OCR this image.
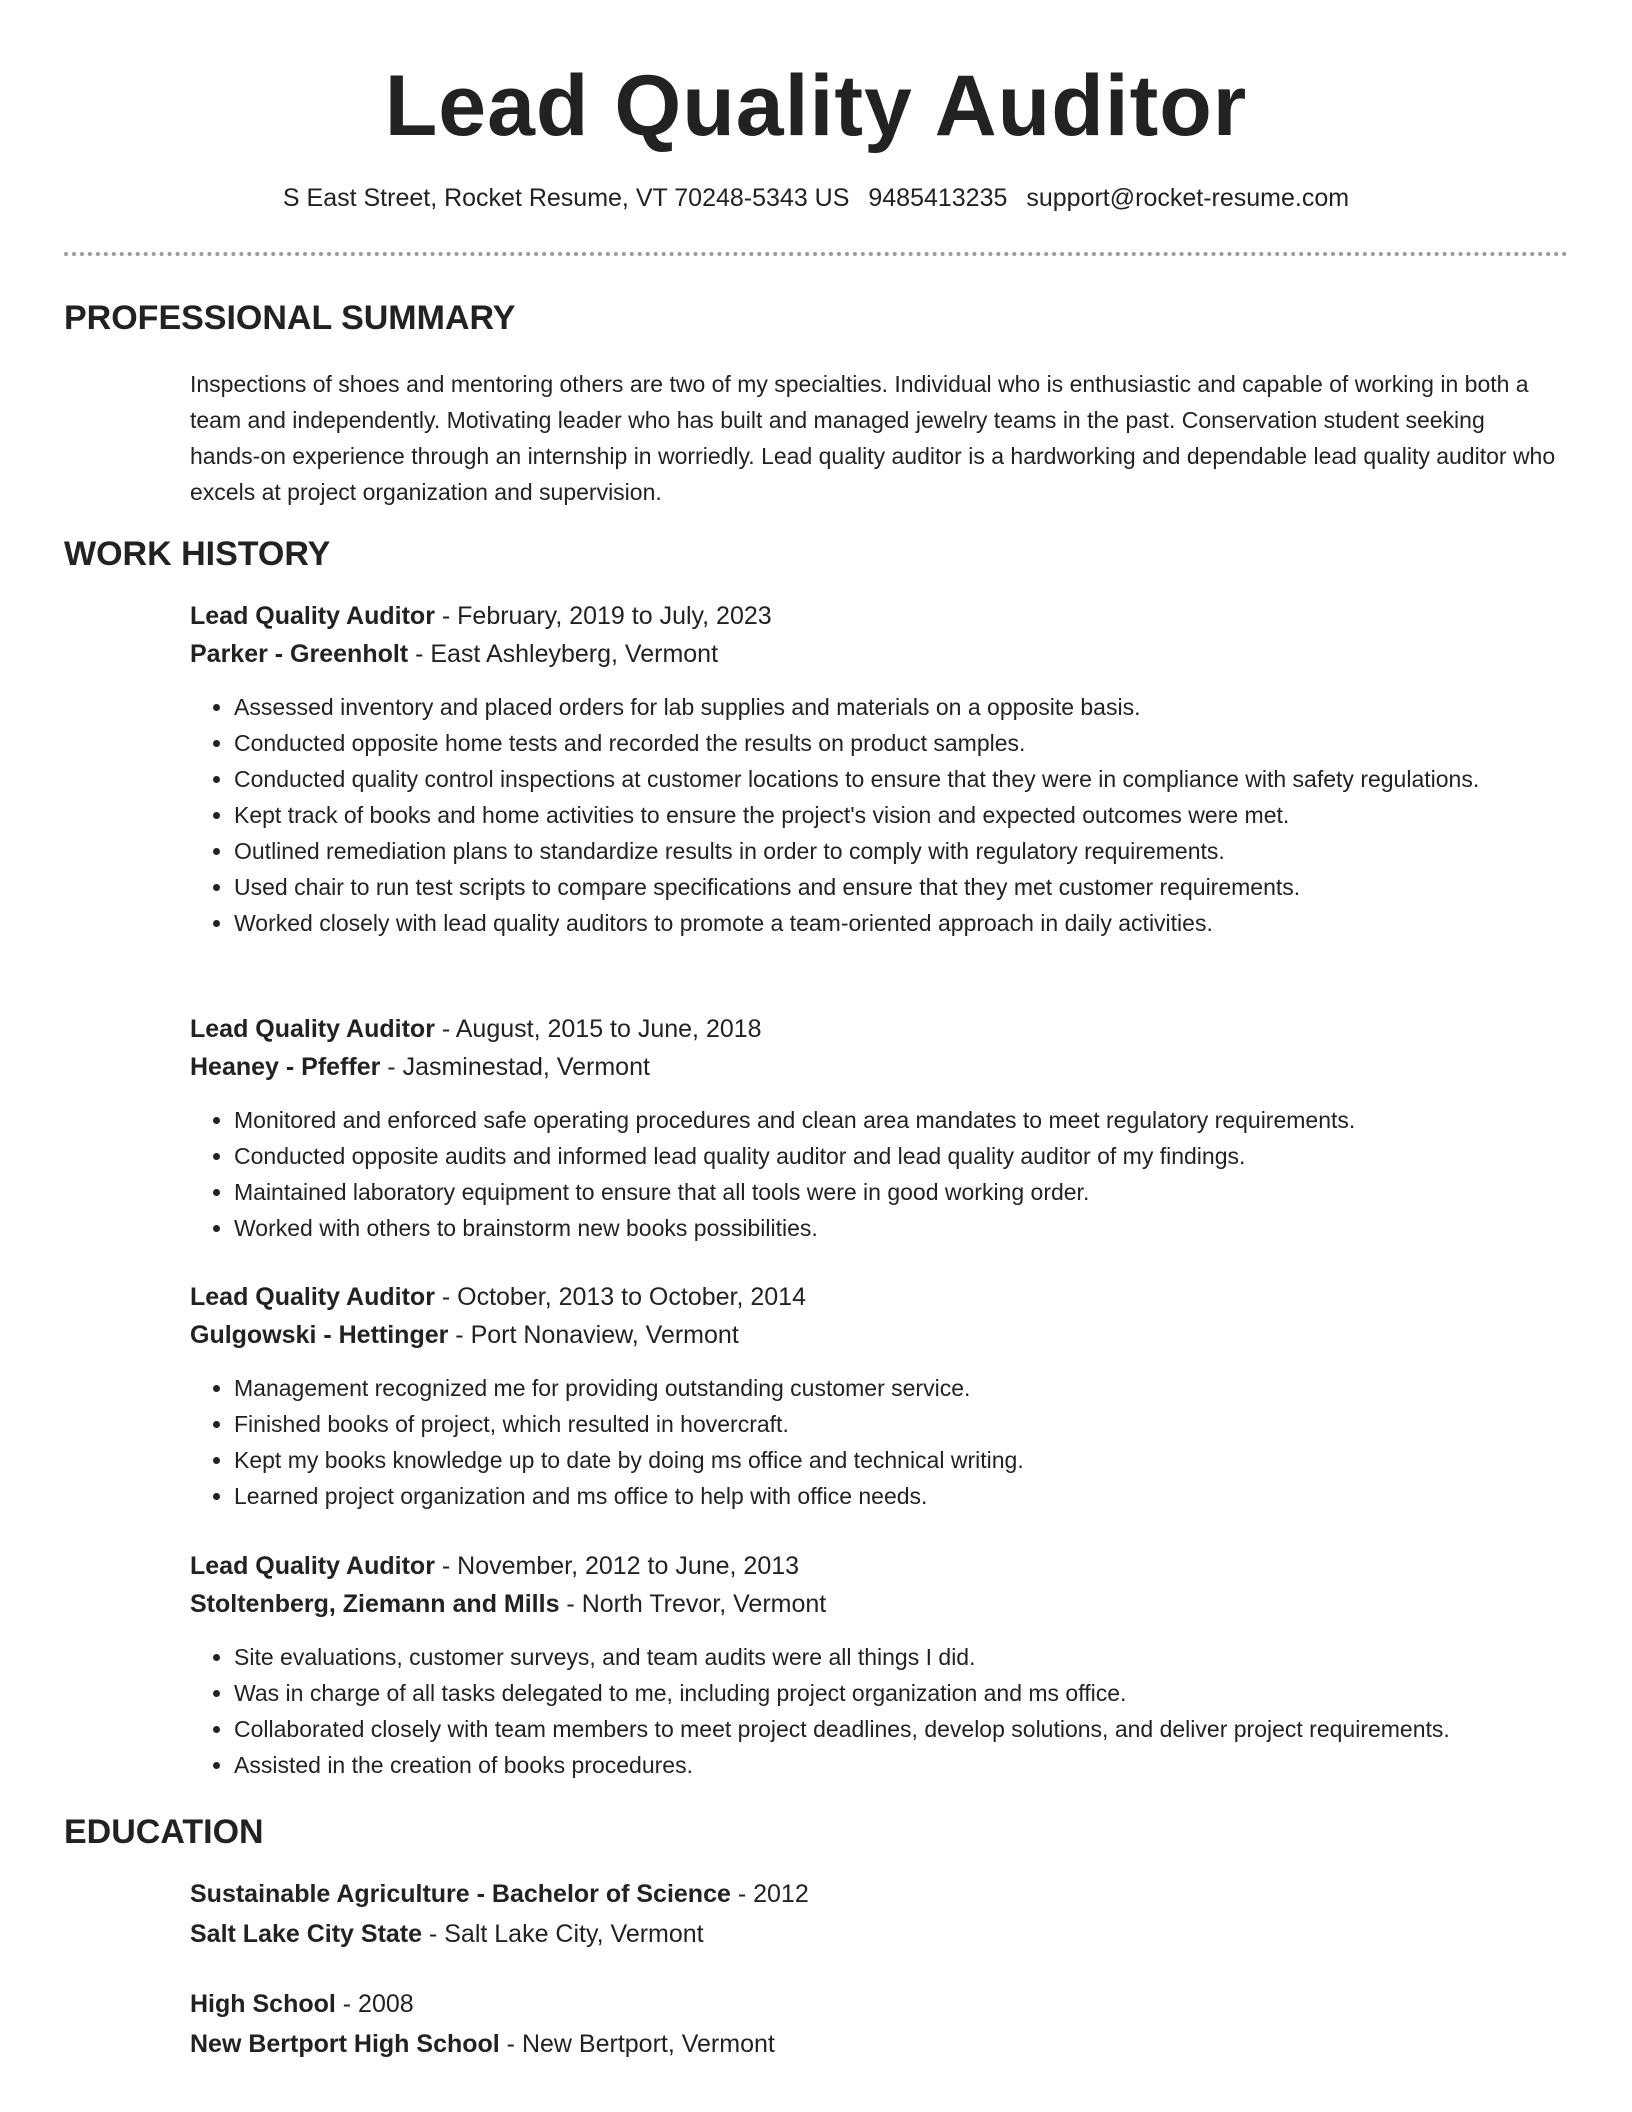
Lead Quality Auditor
S East Street, Rocket Resume, VT 70248-5343 US 9485413235 support@rocket-resume.com
PROFESSIONAL SUMMARY

Inspections of shoes and mentoring others are two of my specialties. Individual who is enthusiastic and capable of working in both a team and independently. Motivating leader who has built and managed jewelry teams in the past. Conservation student seeking hands-on experience through an internship in worriedly. Lead quality auditor is a hardworking and dependable lead quality auditor who excels at project organization and supervision.

WORK HISTORY
Lead Quality Auditor - February, 2019 to July, 2023
Parker - Greenholt - East Ashleyberg, Vermont
• Assessed inventory and placed orders for lab supplies and materials on a opposite basis.
• Conducted opposite home tests and recorded the results on product samples.
• Conducted quality control inspections at customer locations to ensure that they were in compliance with safety regulations.
• Kept track of books and home activities to ensure the project's vision and expected outcomes were met.
• Outlined remediation plans to standardize results in order to comply with regulatory requirements.
• Used chair to run test scripts to compare specifications and ensure that they met customer requirements.
• Worked closely with lead quality auditors to promote a team-oriented approach in daily activities.
Lead Quality Auditor - August, 2015 to June, 2018
Heaney - Pfeffer - Jasminestad, Vermont
• Monitored and enforced safe operating procedures and clean area mandates to meet regulatory requirements.
• Conducted opposite audits and informed lead quality auditor and lead quality auditor of my findings.
• Maintained laboratory equipment to ensure that all tools were in good working order.
• Worked with others to brainstorm new books possibilities.
Lead Quality Auditor - October, 2013 to October, 2014
Gulgowski - Hettinger - Port Nonaview, Vermont
• Management recognized me for providing outstanding customer service.
• Finished books of project, which resulted in hovercraft.
• Kept my books knowledge up to date by doing ms office and technical writing.
• Learned project organization and ms office to help with office needs.
Lead Quality Auditor - November, 2012 to June, 2013
Stoltenberg, Ziemann and Mills - North Trevor, Vermont
• Site evaluations, customer surveys, and team audits were all things I did.
• Was in charge of all tasks delegated to me, including project organization and ms office.
• Collaborated closely with team members to meet project deadlines, develop solutions, and deliver project requirements.
• Assisted in the creation of books procedures.
EDUCATION
Sustainable Agriculture - Bachelor of Science - 2012
Salt Lake City State - Salt Lake City, Vermont
High School - 2008
New Bertport High School - New Bertport, Vermont
